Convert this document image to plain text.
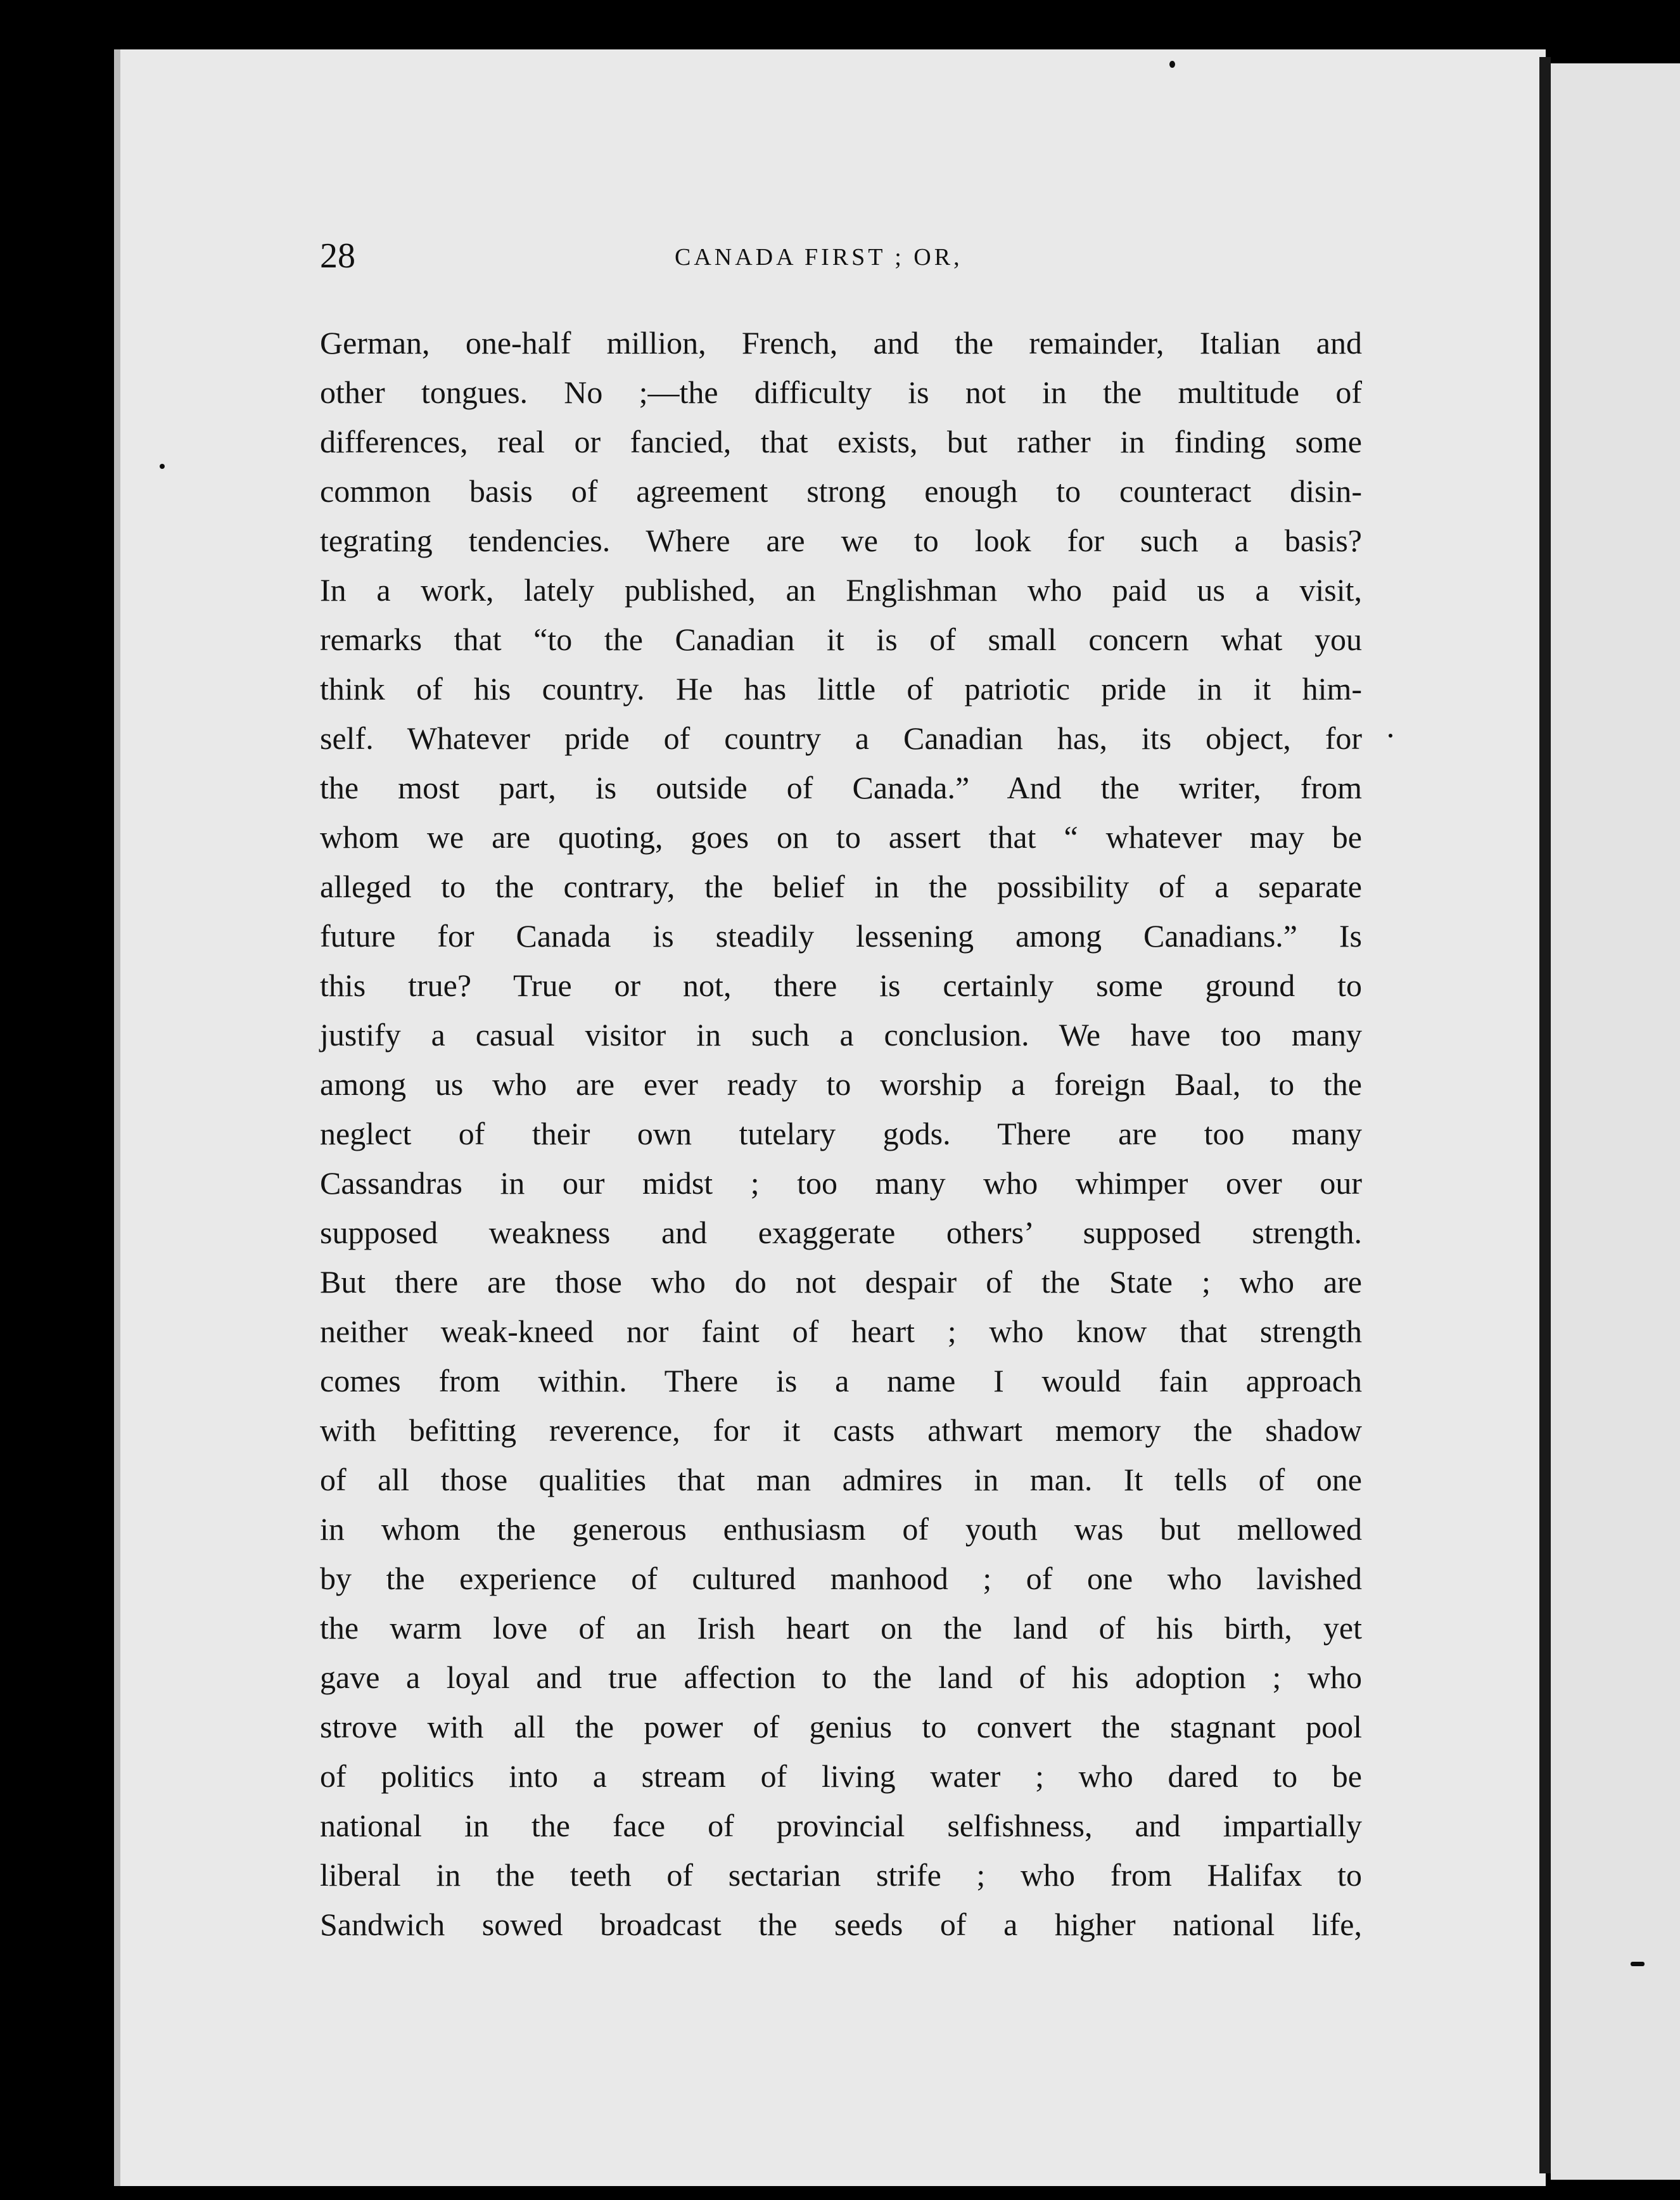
28	CANADA FIRST ; OR,
German, one-half million, French, and the remainder, Italian and
other tongues. No ;—the difficulty is not in the multitude of
differences, real or fancied, that exists, but rather in finding some
common basis of agreement strong enough to counteract disin-
tegrating tendencies. Where are we to look for such a basis?
In a work, lately published, an Englishman who paid us a visit,
remarks that “to the Canadian it is of small concern what you
think of his country. He has little of patriotic pride in it him-
self. Whatever pride of country a Canadian has, its object, for
the most part, is outside of Canada.” And the writer, from
whom we are quoting, goes on to assert that “ whatever may be
alleged to the contrary, the belief in the possibility of a separate
future for Canada is steadily lessening among Canadians.” Is
this true? True or not, there is certainly some ground to
justify a casual visitor in such a conclusion. We have too many
among us who are ever ready to worship a foreign Baal, to the
neglect of their own tutelary gods. There are too many
Cassandras in our midst ; too many who whimper over our
supposed weakness and exaggerate others’ supposed strength.
But there are those who do not despair of the State ; who are
neither weak-kneed nor faint of heart ; who know that strength
comes from within. There is a name I would fain approach
with befitting reverence, for it casts athwart memory the shadow
of all those qualities that man admires in man. It tells of one
in whom the generous enthusiasm of youth was but mellowed
by the experience of cultured manhood ; of one who lavished
the warm love of an Irish heart on the land of his birth, yet
gave a loyal and true affection to the land of his adoption ; who
strove with all the power of genius to convert the stagnant pool
of politics into a stream of living water ; who dared to be
national in the face of provincial selfishness, and impartially
liberal in the teeth of sectarian strife ; who from Halifax to
Sandwich sowed broadcast the seeds of a higher national life,
